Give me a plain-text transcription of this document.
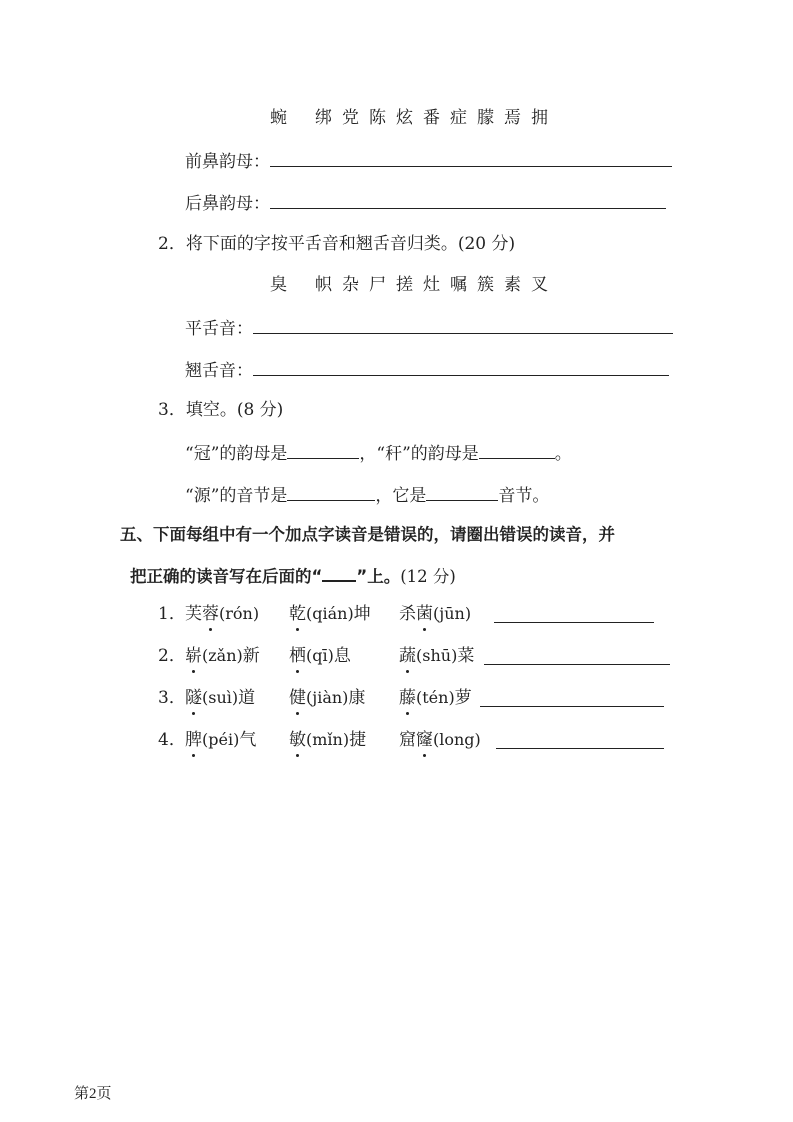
蜿 绑 党 陈 炫 番 症 朦 焉 拥
前鼻韵母：
后鼻韵母：
2．将下面的字按平舌音和翘舌音归类。(20 分)
臭 帜 杂 尸 搓 灶 嘱 簇 素 叉
平舌音：
翘舌音：
3．填空。(8 分)
“冠”的韵母是	，“秆”的韵母是	。
“源”的音节是	，它是	音节。
五、下面每组中有一个加点字读音是错误的，请圈出错误的读音，并
把正确的读音写在后面的“ ”上。(12 分)
1． 芙蓉(rón) 乾(qián)坤 杀菌(jūn)
2． 崭(zǎn)新 栖(qī)息	蔬(shū)菜
3． 隧(suì)道 健(jiàn)康 藤(tén)萝
4． 脾(péi)气 敏(mǐn)捷 窟窿(long)
第2页
